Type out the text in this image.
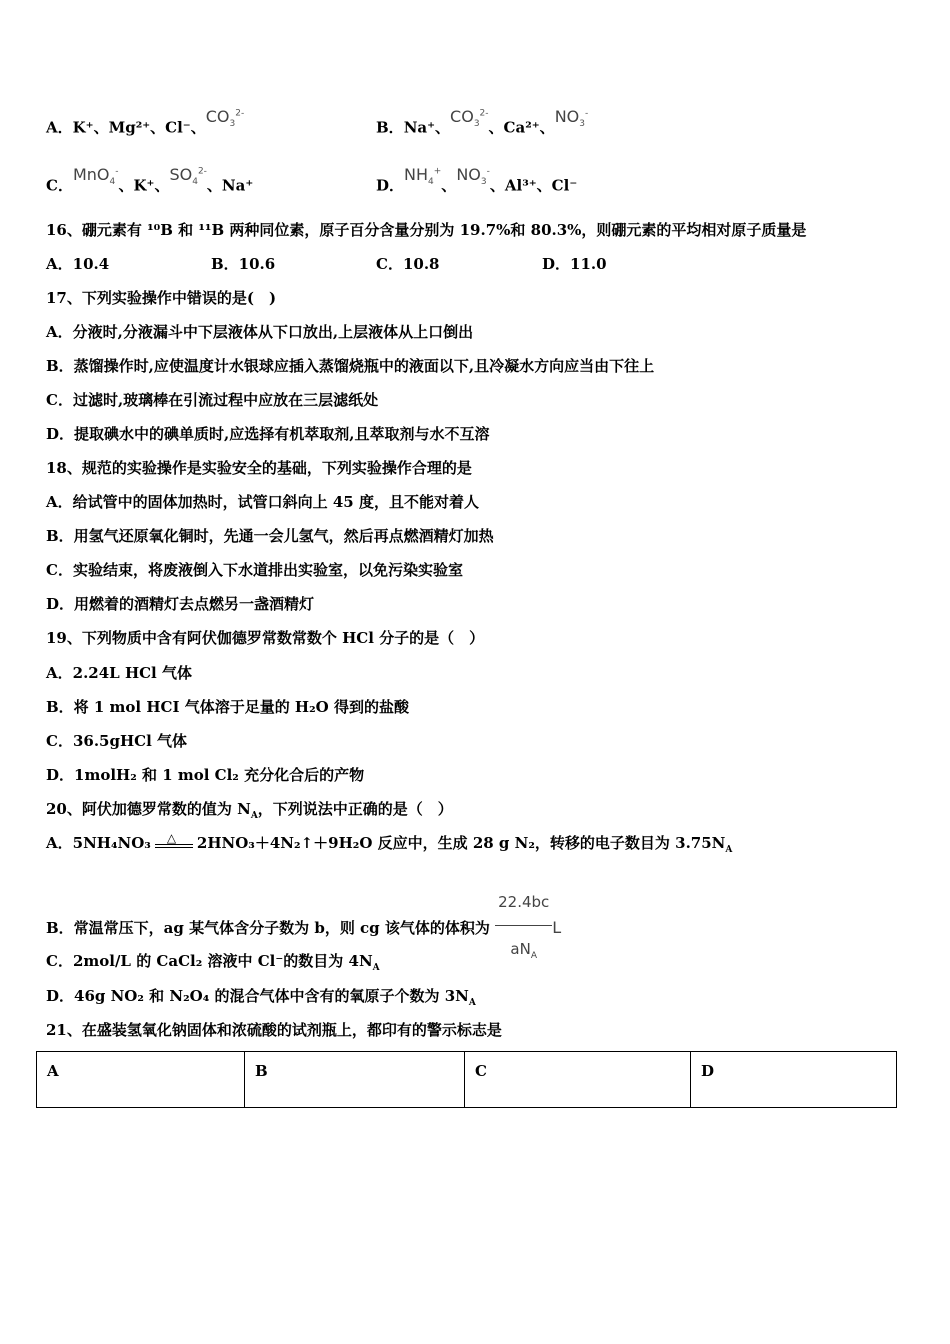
A．K⁺、Mg²⁺、Cl⁻、$CO_3^{2-}$
B．Na⁺、$CO_3^{2-}$、Ca²⁺、$NO_3^-$
C．MnO$_4$-、K⁺、$SO_4^{2-}$、Na⁺	D．$NH_4^+$、$NO_3^-$、Al³⁺、Cl⁻
16、硼元素有 ¹⁰B 和 ¹¹B 两种同位素，原子百分含量分别为 19.7%和 80.3%，则硼元素的平均相对原子质量是
A．10.4	B．10.6	C．10.8	D．11.0
17、下列实验操作中错误的是(　)
A．分液时,分液漏斗中下层液体从下口放出,上层液体从上口倒出
B．蒸馏操作时,应使温度计水银球应插入蒸馏烧瓶中的液面以下,且冷凝水方向应当由下往上
C．过滤时,玻璃棒在引流过程中应放在三层滤纸处
D．提取碘水中的碘单质时,应选择有机萃取剂,且萃取剂与水不互溶
18、规范的实验操作是实验安全的基础，下列实验操作合理的是
A．给试管中的固体加热时，试管口斜向上 45 度，且不能对着人
B．用氢气还原氧化铜时，先通一会儿氢气，然后再点燃酒精灯加热
C．实验结束，将废液倒入下水道排出实验室，以免污染实验室
D．用燃着的酒精灯去点燃另一盏酒精灯
19、下列物质中含有阿伏伽德罗常数常数个 HCl 分子的是（　）
A．2.24L HCl 气体
B．将 1 mol HCI 气体溶于足量的 H₂O 得到的盐酸
C．36.5gHCl 气体
D．1molH₂ 和 1 mol Cl₂ 充分化合后的产物
20、阿伏加德罗常数的值为 $N_A$，下列说法中正确的是（　）
A．5NH₄NO₃ △ 2HNO₃＋4N₂↑＋9H₂O 反应中，生成 28 g N₂，转移的电子数目为 $3.75N_A$
B．常温常压下，ag 某气体含分子数为 b，则 cg 该气体的体积为 $\frac{22.4bc}{aN_A}$ L
C．2mol/L 的 CaCl₂ 溶液中 Cl⁻的数目为 $4N_A$
D．46g NO₂ 和 N₂O₄ 的混合气体中含有的氧原子个数为 $3N_A$
21、在盛装氢氧化钠固体和浓硫酸的试剂瓶上，都印有的警示标志是
A	B	C	D
